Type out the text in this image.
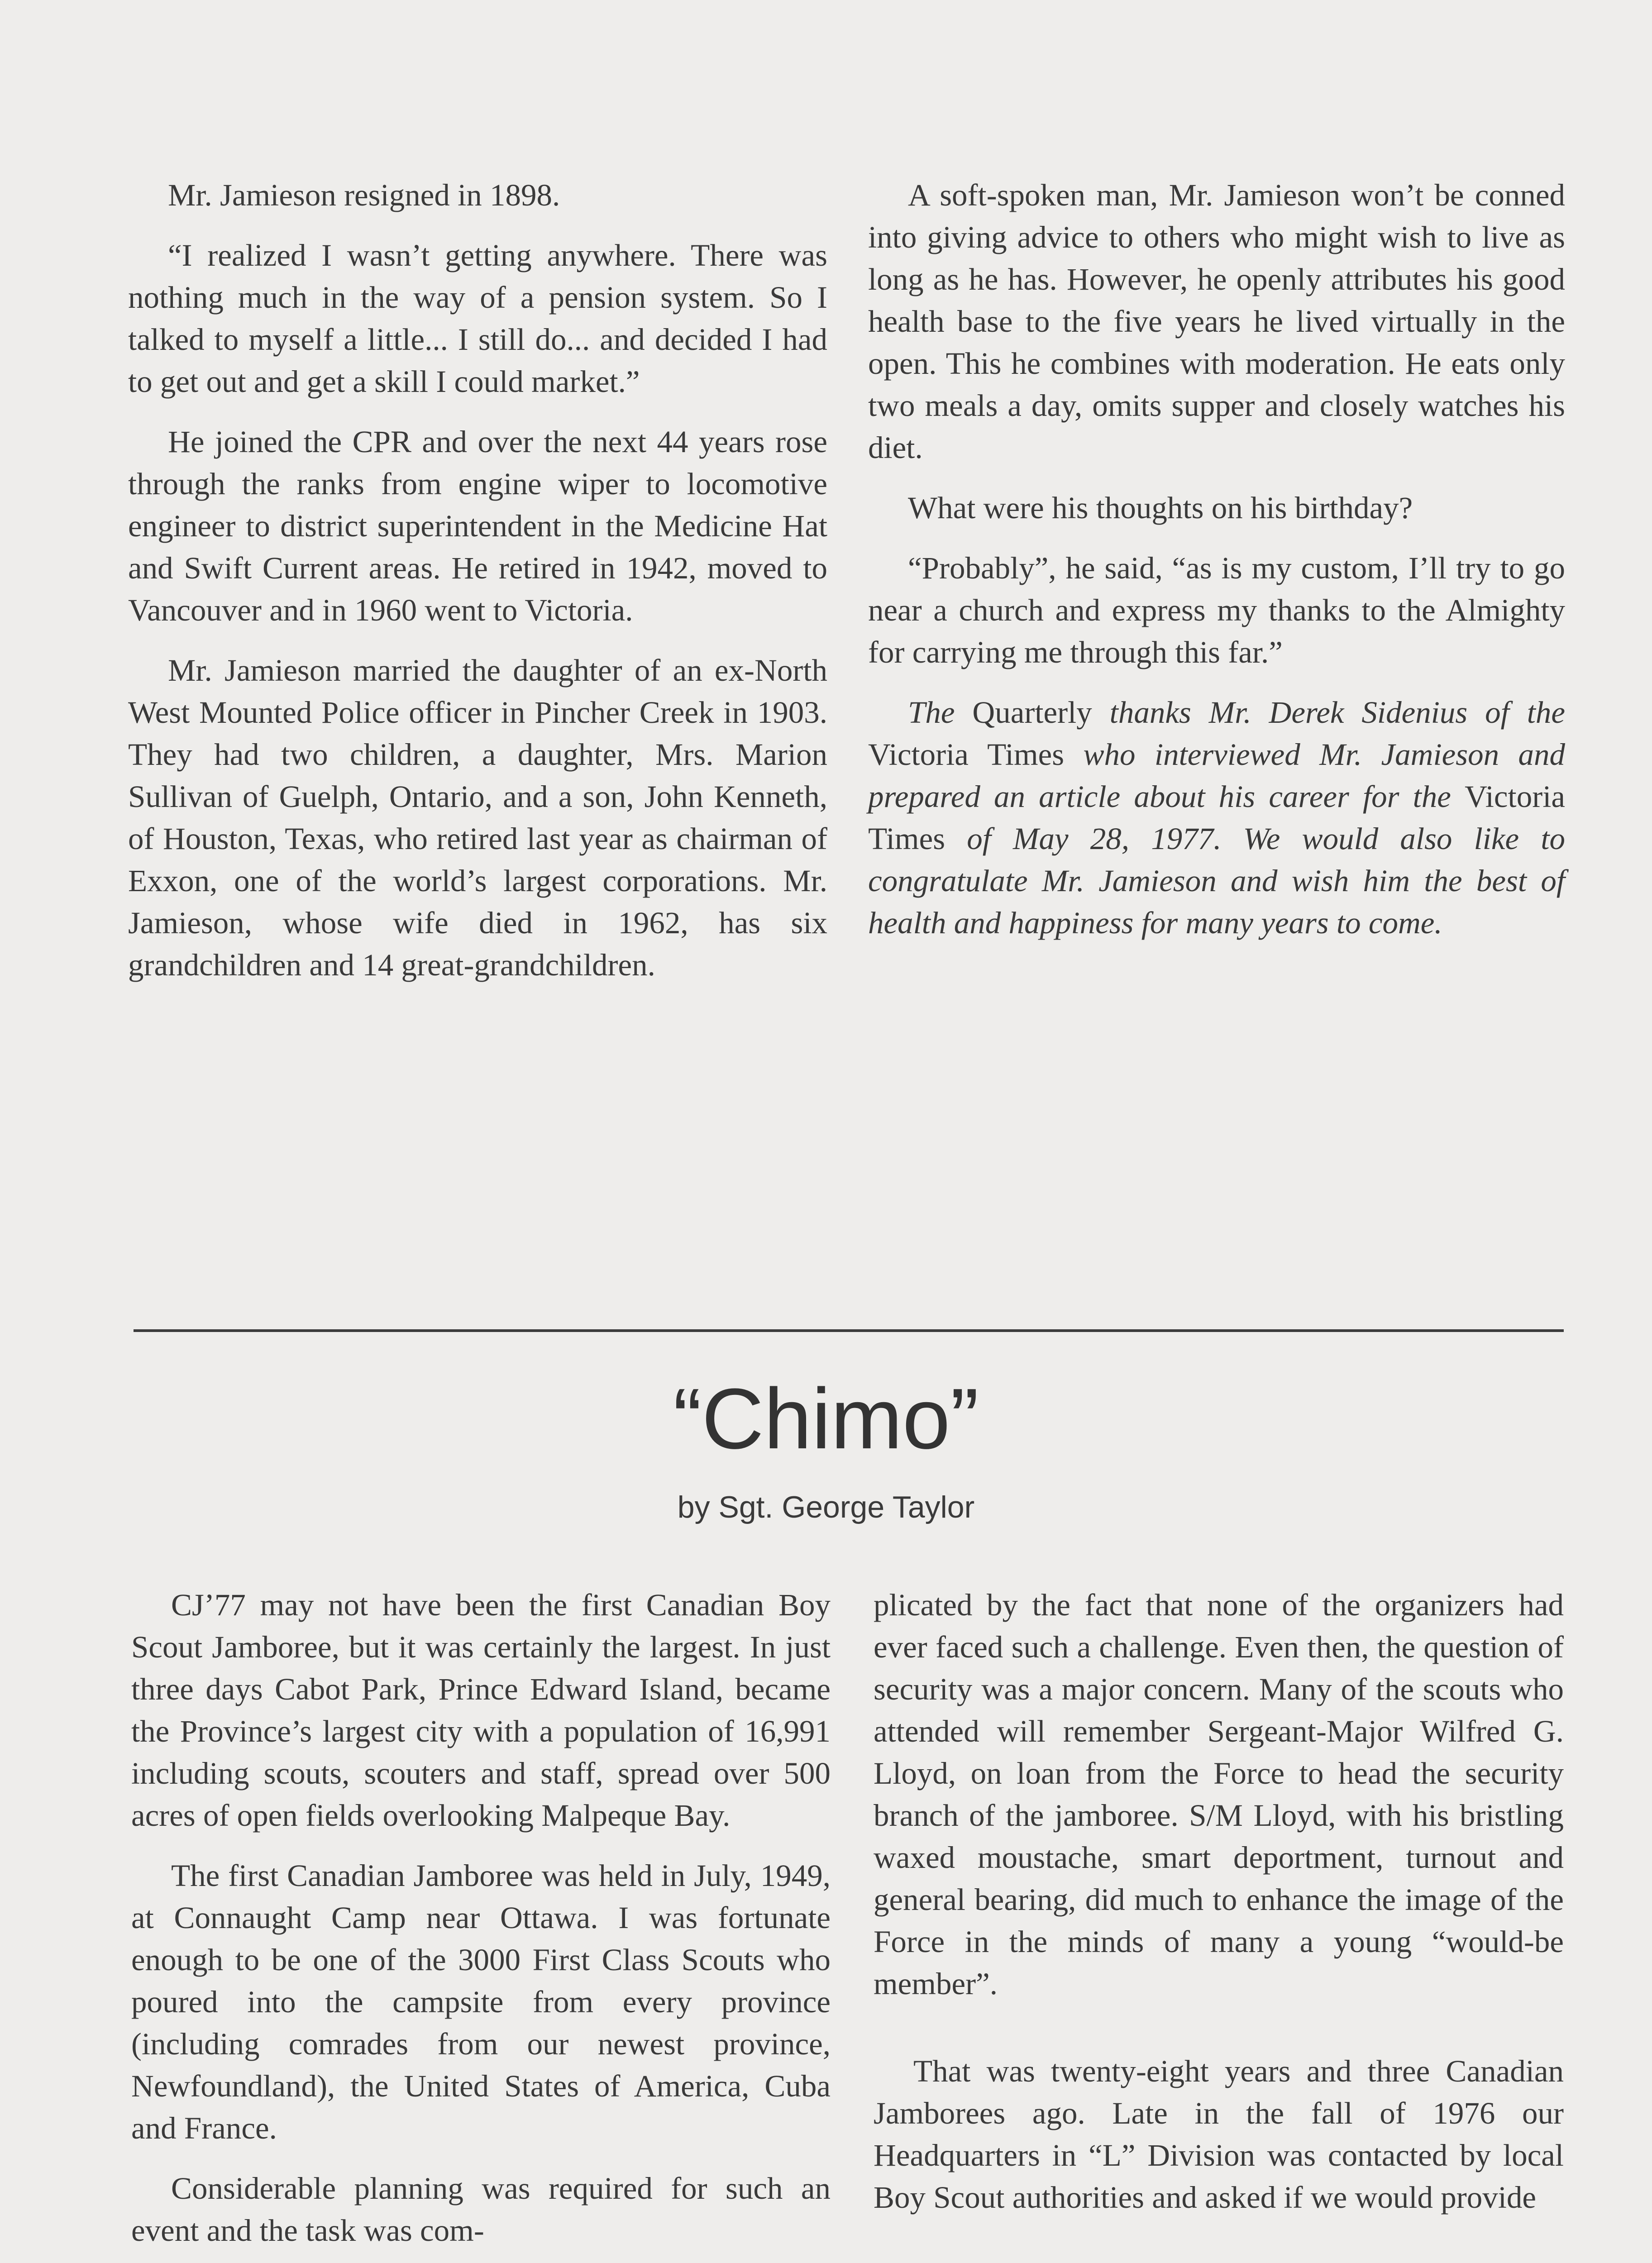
Mr. Jamieson resigned in 1898.

“I realized I wasn’t getting anywhere. There was nothing much in the way of a pension system. So I talked to myself a little... I still do... and decided I had to get out and get a skill I could market.”

He joined the CPR and over the next 44 years rose through the ranks from engine wiper to locomotive engineer to district superintendent in the Medicine Hat and Swift Current areas. He retired in 1942, moved to Vancouver and in 1960 went to Victoria.

Mr. Jamieson married the daughter of an ex-North West Mounted Police officer in Pincher Creek in 1903. They had two children, a daughter, Mrs. Marion Sullivan of Guelph, Ontario, and a son, John Kenneth, of Houston, Texas, who retired last year as chairman of Exxon, one of the world’s largest corporations. Mr. Jamieson, whose wife died in 1962, has six grandchildren and 14 great-grandchildren.

A soft-spoken man, Mr. Jamieson won’t be conned into giving advice to others who might wish to live as long as he has. However, he openly attributes his good health base to the five years he lived virtually in the open. This he combines with moderation. He eats only two meals a day, omits supper and closely watches his diet.

What were his thoughts on his birthday?

“Probably”, he said, “as is my custom, I’ll try to go near a church and express my thanks to the Almighty for carrying me through this far.”

The Quarterly thanks Mr. Derek Sidenius of the Victoria Times who interviewed Mr. Jamieson and prepared an article about his career for the Victoria Times of May 28, 1977. We would also like to congratulate Mr. Jamieson and wish him the best of health and happiness for many years to come.

“Chimo”
by Sgt. George Taylor

CJ’77 may not have been the first Canadian Boy Scout Jamboree, but it was certainly the largest. In just three days Cabot Park, Prince Edward Island, became the Province’s largest city with a population of 16,991 including scouts, scouters and staff, spread over 500 acres of open fields overlooking Malpeque Bay.

The first Canadian Jamboree was held in July, 1949, at Connaught Camp near Ottawa. I was fortunate enough to be one of the 3000 First Class Scouts who poured into the campsite from every province (including comrades from our newest province, Newfoundland), the United States of America, Cuba and France.

Considerable planning was required for such an event and the task was com-

plicated by the fact that none of the organizers had ever faced such a challenge. Even then, the question of security was a major concern. Many of the scouts who attended will remember Sergeant-Major Wilfred G. Lloyd, on loan from the Force to head the security branch of the jamboree. S/M Lloyd, with his bristling waxed moustache, smart deportment, turnout and general bearing, did much to enhance the image of the Force in the minds of many a young “would-be member”.

That was twenty-eight years and three Canadian Jamborees ago. Late in the fall of 1976 our Headquarters in “L” Division was contacted by local Boy Scout authorities and asked if we would provide
